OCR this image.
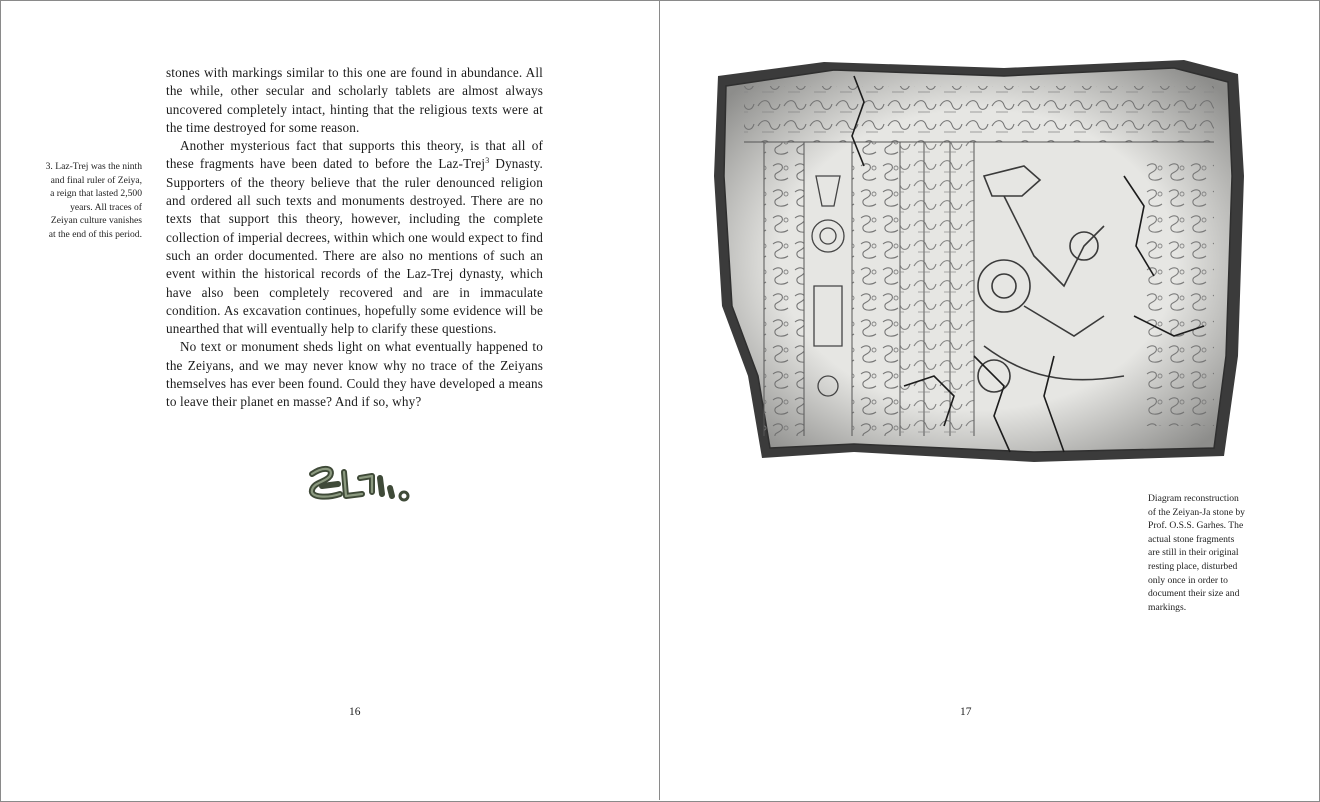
3. Laz-Trej was the ninth and final ruler of Zeiya, a reign that lasted 2,500 years. All traces of Zeiyan culture vanishes at the end of this period.

stones with markings similar to this one are found in abundance. All the while, other secular and scholarly tablets are almost always uncovered completely intact, hinting that the religious texts were at the time destroyed for some reason.

Another mysterious fact that supports this theory, is that all of these fragments have been dated to before the Laz-Trej$^3$ Dynasty. Supporters of the theory believe that the ruler denounced religion and ordered all such texts and monuments destroyed. There are no texts that support this theory, however, including the complete collection of imperial decrees, within which one would expect to find such an order documented. There are also no mentions of such an event within the historical records of the Laz-Trej dynasty, which have also been completely recovered and are in immaculate condition. As excavation continues, hopefully some evidence will be unearthed that will eventually help to clarify these questions.

No text or monument sheds light on what eventually happened to the Zeiyans, and we may never know why no trace of the Zeiyans themselves has ever been found. Could they have developed a means to leave their planet en masse? And if so, why?

16
Diagram reconstruction of the Zeiyan-Ja stone by Prof. O.S.S. Garhes. The actual stone fragments are still in their original resting place, disturbed only once in order to document their size and markings.
17
